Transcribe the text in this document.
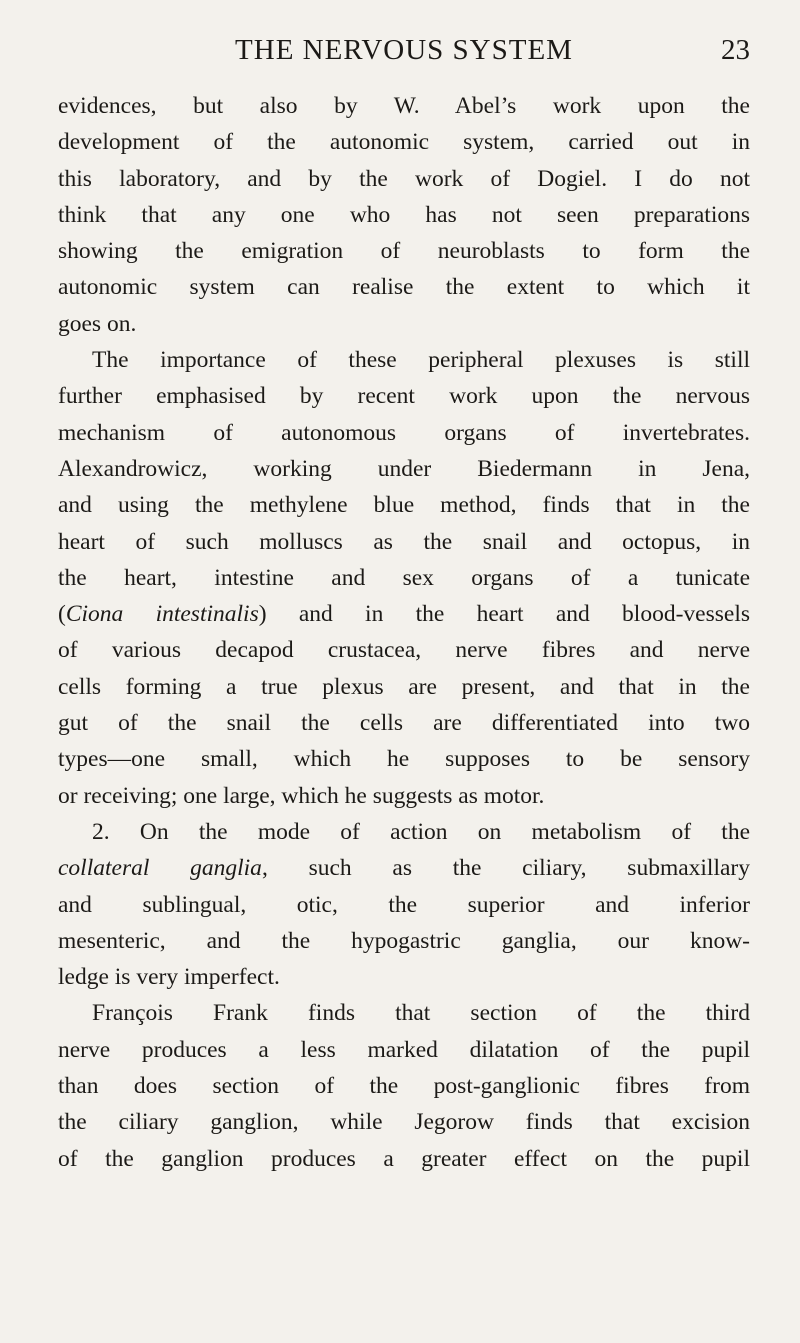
THE NERVOUS SYSTEM	23

evidences, but also by W. Abel’s work upon the
development of the autonomic system, carried out in
this laboratory, and by the work of Dogiel. I do not
think that any one who has not seen preparations
showing the emigration of neuroblasts to form the
autonomic system can realise the extent to which it
goes on.

The importance of these peripheral plexuses is still
further emphasised by recent work upon the nervous
mechanism of autonomous organs of invertebrates.
Alexandrowicz, working under Biedermann in Jena,
and using the methylene blue method, finds that in the
heart of such molluscs as the snail and octopus, in
the heart, intestine and sex organs of a tunicate
(Ciona intestinalis) and in the heart and blood-vessels
of various decapod crustacea, nerve fibres and nerve
cells forming a true plexus are present, and that in the
gut of the snail the cells are differentiated into two
types—one small, which he supposes to be sensory
or receiving; one large, which he suggests as motor.

2. On the mode of action on metabolism of the
collateral ganglia, such as the ciliary, submaxillary
and sublingual, otic, the superior and inferior
mesenteric, and the hypogastric ganglia, our know-
ledge is very imperfect.

François Frank finds that section of the third
nerve produces a less marked dilatation of the pupil
than does section of the post-ganglionic fibres from
the ciliary ganglion, while Jegorow finds that excision
of the ganglion produces a greater effect on the pupil
